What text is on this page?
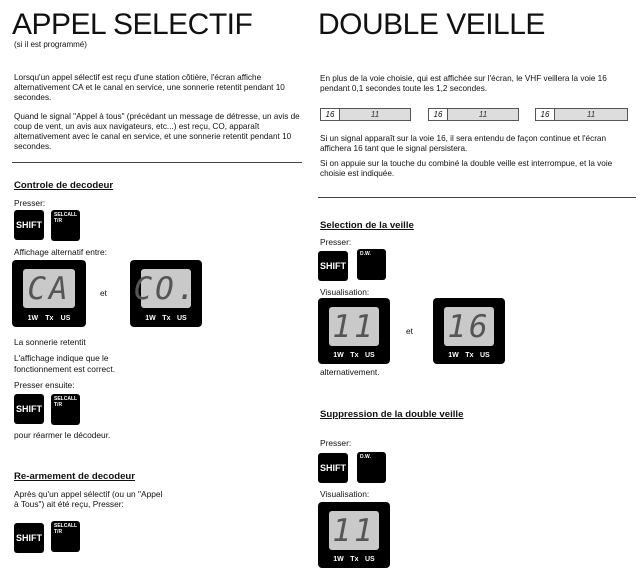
APPEL SELECTIF
(si il est programmé)
Lorsqu'un appel sélectif est reçu d'une station côtière, l'écran affiche alternativement CA et le canal en service, une sonnerie retentit pendant 10 secondes.
Quand le signal "Appel à tous" (précédant un message de détresse, un avis de coup de vent, un avis aux navigateurs, etc...) est reçu, CO, apparaît alternativement avec le canal en service, et une sonnerie retentit pendant 10 secondes.
Controle de decodeur
Presser:
SHIFT
SELCALL T/R
Affichage alternatif entre:
CA
1W Tx US
et CO.
1W Tx US
La sonnerie retentit
L'affichage indique que le fonctionnement est correct.
Presser ensuite:
SHIFT
SELCALL T/R
pour réarmer le décodeur.
Re-armement de decodeur
Après qu'un appel sélectif (ou un "Appel à Tous") ait été reçu, Presser:
SHIFT
SELCALL T/R
DOUBLE VEILLE
En plus de la voie choisie, qui est affichée sur l'écran, le VHF veillera la voie 16 pendant 0,1 secondes toute les 1,2 secondes.
16	11	16	11	16	11
Si un signal apparaît sur la voie 16, il sera entendu de façon continue et l'écran affichera 16 tant que le signal persistera.
Si on appuie sur la touche du combiné la double veille est interrompue, et la voie choisie est indiquée.
Selection de la veille
Presser:
SHIFT
D.W.
Visualisation:
11
1W Tx US
et 16
1W Tx US
alternativement.
Suppression de la double veille
Presser:
SHIFT
D.W.
Visualisation:
11
1W Tx US
